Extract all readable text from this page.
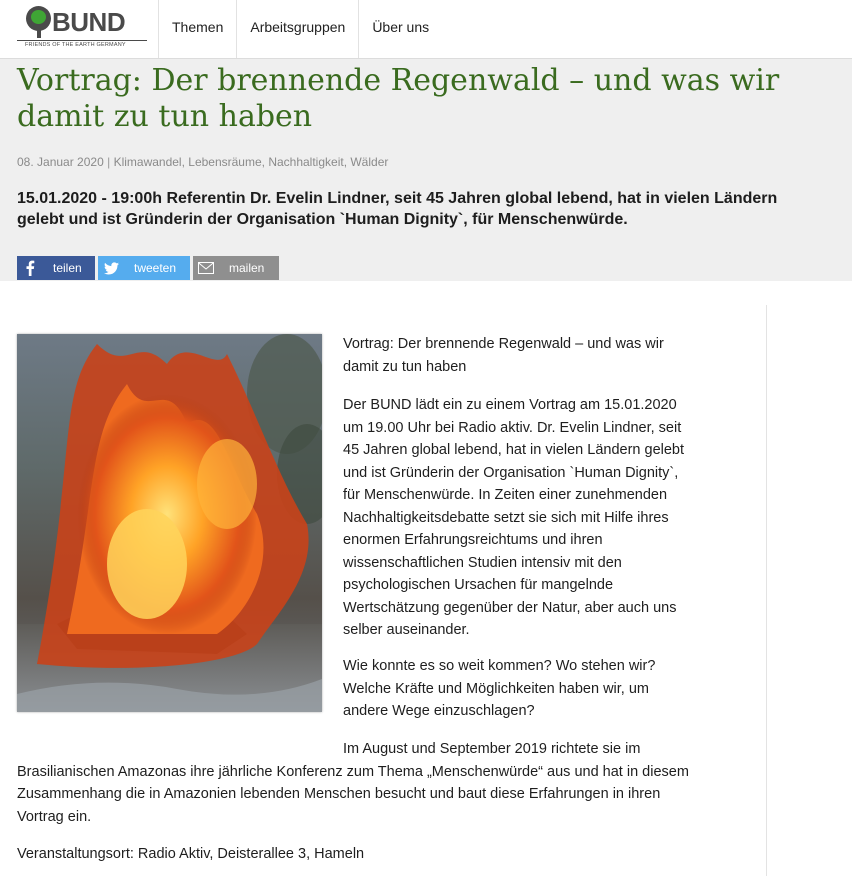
BUND
FRIENDS OF THE EARTH GERMANY
Themen	Arbeitsgruppen	Über uns
Vortrag: Der brennende Regenwald – und was wir damit zu tun haben
08. Januar 2020 | Klimawandel, Lebensräume, Nachhaltigkeit, Wälder

15.01.2020 - 19:00h Referentin Dr. Evelin Lindner, seit 45 Jahren global lebend, hat in vielen Ländern gelebt und ist Gründerin der Organisation `Human Dignity`, für Menschenwürde.

teilen	tweeten	mailen

Vortrag: Der brennende Regenwald – und was wir damit zu tun haben

Der BUND lädt ein zu einem Vortrag am 15.01.2020 um 19.00 Uhr bei Radio aktiv. Dr. Evelin Lindner, seit 45 Jahren global lebend, hat in vielen Ländern gelebt und ist Gründerin der Organisation `Human Dignity`, für Menschenwürde. In Zeiten einer zunehmenden Nachhaltigkeitsdebatte setzt sie sich mit Hilfe ihres enormen Erfahrungsreichtums und ihren wissenschaftlichen Studien intensiv mit den psychologischen Ursachen für mangelnde Wertschätzung gegenüber der Natur, aber auch uns selber auseinander.

Wie konnte es so weit kommen? Wo stehen wir? Welche Kräfte und Möglichkeiten haben wir, um andere Wege einzuschlagen?

Im August und September 2019 richtete sie im Brasilianischen Amazonas ihre jährliche Konferenz zum Thema „Menschenwürde“ aus und hat in diesem Zusammenhang die in Amazonien lebenden Menschen besucht und baut diese Erfahrungen in ihren Vortrag ein.

Veranstaltungsort: Radio Aktiv, Deisterallee 3, Hameln
